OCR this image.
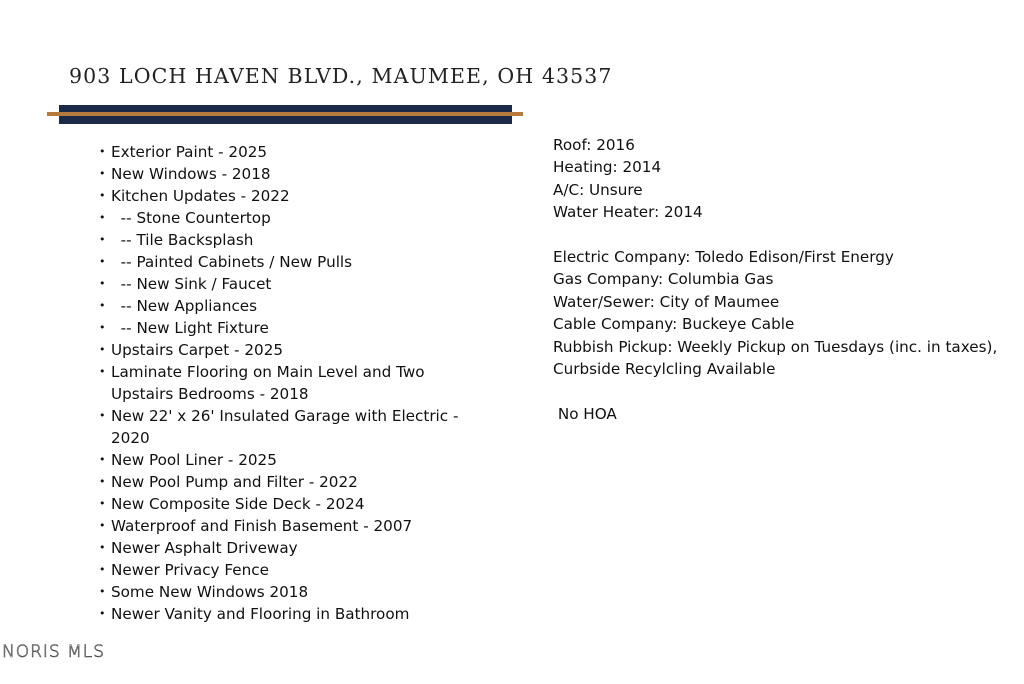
903 LOCH HAVEN BLVD., MAUMEE, OH 43537
• Exterior Paint - 2025
• New Windows - 2018
• Kitchen Updates - 2022
• -- Stone Countertop
• -- Tile Backsplash
• -- Painted Cabinets / New Pulls
• -- New Sink / Faucet
• -- New Appliances
• -- New Light Fixture
• Upstairs Carpet - 2025
• Laminate Flooring on Main Level and Two Upstairs Bedrooms - 2018
• New 22' x 26' Insulated Garage with Electric - 2020
• New Pool Liner - 2025
• New Pool Pump and Filter - 2022
• New Composite Side Deck - 2024
• Waterproof and Finish Basement - 2007
• Newer Asphalt Driveway
• Newer Privacy Fence
• Some New Windows 2018
• Newer Vanity and Flooring in Bathroom
Roof: 2016
Heating: 2014
A/C: Unsure
Water Heater: 2014
Electric Company: Toledo Edison/First Energy
Gas Company: Columbia Gas
Water/Sewer: City of Maumee
Cable Company: Buckeye Cable
Rubbish Pickup: Weekly Pickup on Tuesdays (inc. in taxes),  Curbside Recylcling Available
No HOA
NORIS MLS
